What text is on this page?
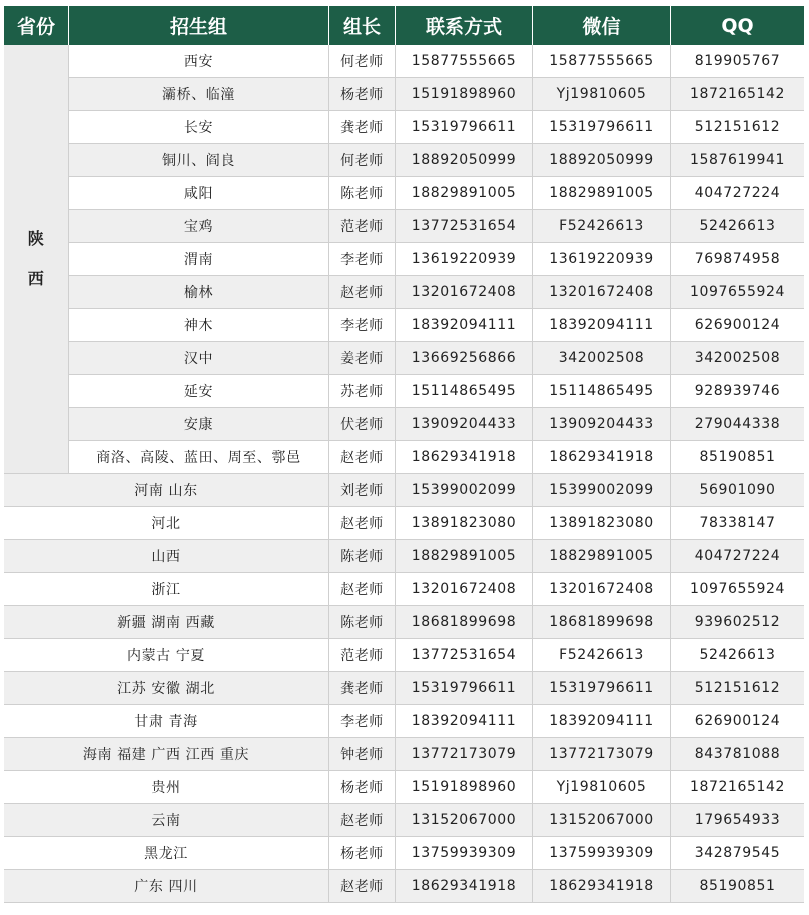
省份	招生组	组长	联系方式	微信	QQ

陕
西	西安	何老师	15877555665	15877555665	819905767
	灞桥、临潼	杨老师	15191898960	Yj19810605	1872165142
	长安	龚老师	15319796611	15319796611	512151612
	铜川、阎良	何老师	18892050999	18892050999	1587619941
	咸阳	陈老师	18829891005	18829891005	404727224
	宝鸡	范老师	13772531654	F52426613	52426613
	渭南	李老师	13619220939	13619220939	769874958
	榆林	赵老师	13201672408	13201672408	1097655924
	神木	李老师	18392094111	18392094111	626900124
	汉中	姜老师	13669256866	342002508	342002508
	延安	苏老师	15114865495	15114865495	928939746
	安康	伏老师	13909204433	13909204433	279044338
	商洛、高陵、蓝田、周至、鄠邑	赵老师	18629341918	18629341918	85190851
河南 山东		刘老师	15399002099	15399002099	56901090
河北		赵老师	13891823080	13891823080	78338147
山西		陈老师	18829891005	18829891005	404727224
浙江		赵老师	13201672408	13201672408	1097655924
新疆 湖南 西藏		陈老师	18681899698	18681899698	939602512
内蒙古 宁夏		范老师	13772531654	F52426613	52426613
江苏 安徽 湖北		龚老师	15319796611	15319796611	512151612
甘肃 青海		李老师	18392094111	18392094111	626900124
海南 福建 广西 江西 重庆		钟老师	13772173079	13772173079	843781088
贵州		杨老师	15191898960	Yj19810605	1872165142
云南		赵老师	13152067000	13152067000	179654933
黑龙江		杨老师	13759939309	13759939309	342879545
广东 四川		赵老师	18629341918	18629341918	85190851
